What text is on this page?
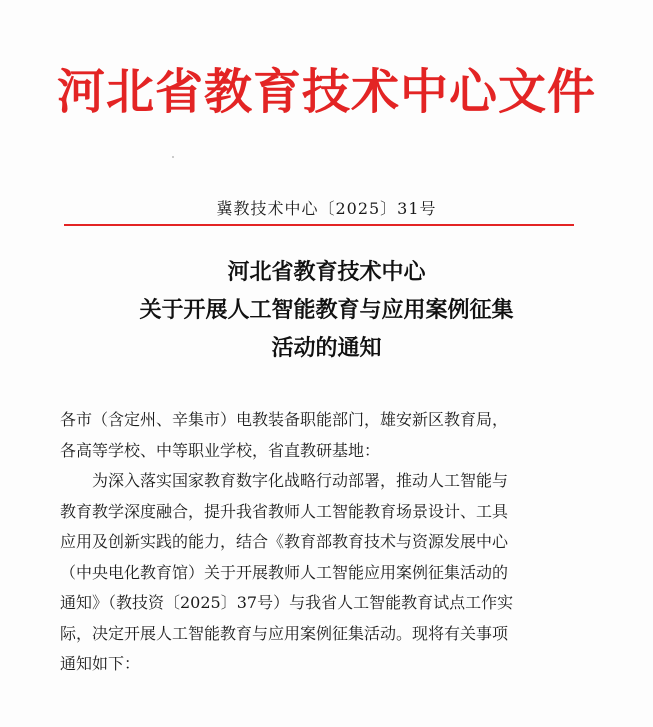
河北省教育技术中心文件
冀教技术中心〔2025〕31号
河北省教育技术中心
关于开展人工智能教育与应用案例征集
活动的通知
各市（含定州、辛集市）电教装备职能部门，雄安新区教育局，
各高等学校、中等职业学校，省直教研基地：
为深入落实国家教育数字化战略行动部署，推动人工智能与
教育教学深度融合，提升我省教师人工智能教育场景设计、工具
应用及创新实践的能力，结合《教育部教育技术与资源发展中心
（中央电化教育馆）关于开展教师人工智能应用案例征集活动的
通知》（教技资〔2025〕37号）与我省人工智能教育试点工作实
际，决定开展人工智能教育与应用案例征集活动。现将有关事项
通知如下：
